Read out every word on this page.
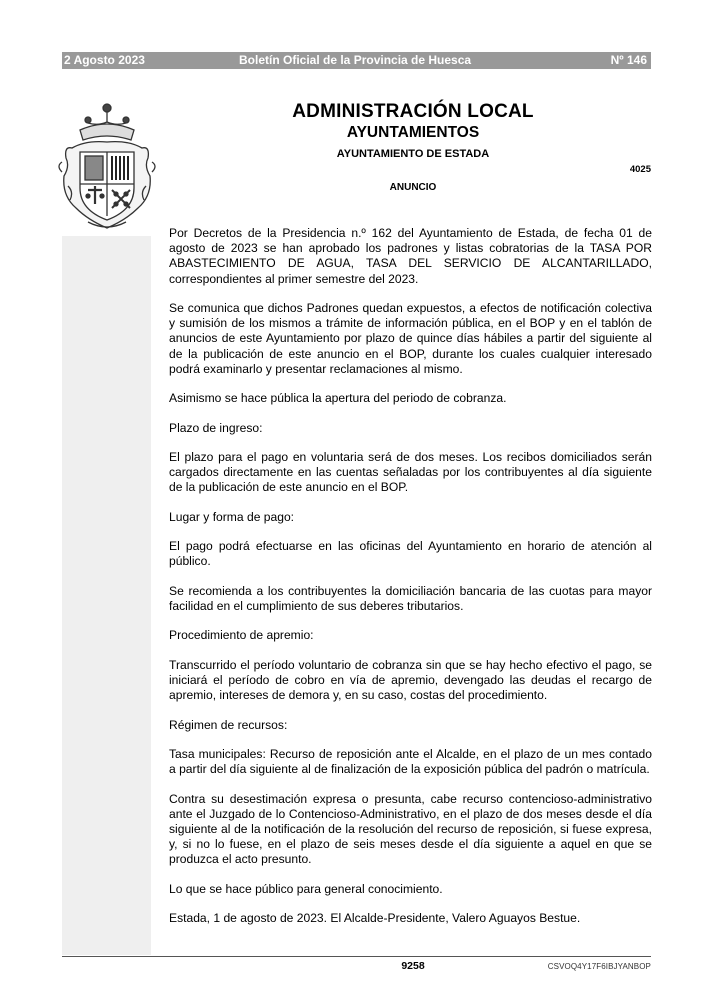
2 Agosto 2023	Boletín Oficial de la Provincia de Huesca	Nº 146
ADMINISTRACIÓN LOCAL
AYUNTAMIENTOS
AYUNTAMIENTO DE ESTADA
4025
ANUNCIO

Por Decretos de la Presidencia n.º 162 del Ayuntamiento de Estada, de fecha 01 de agosto de 2023 se han aprobado los padrones y listas cobratorias de la TASA POR ABASTECIMIENTO DE AGUA, TASA DEL SERVICIO DE ALCANTARILLADO, correspondientes al primer semestre del 2023.

Se comunica que dichos Padrones quedan expuestos, a efectos de notificación colectiva y sumisión de los mismos a trámite de información pública, en el BOP y en el tablón de anuncios de este Ayuntamiento por plazo de quince días hábiles a partir del siguiente al de la publicación de este anuncio en el BOP, durante los cuales cualquier interesado podrá examinarlo y presentar reclamaciones al mismo.

Asimismo se hace pública la apertura del periodo de cobranza.

Plazo de ingreso:

El plazo para el pago en voluntaria será de dos meses. Los recibos domiciliados serán cargados directamente en las cuentas señaladas por los contribuyentes al día siguiente de la publicación de este anuncio en el BOP.

Lugar y forma de pago:

El pago podrá efectuarse en las oficinas del Ayuntamiento en horario de atención al público.

Se recomienda a los contribuyentes la domiciliación bancaria de las cuotas para mayor facilidad en el cumplimiento de sus deberes tributarios.

Procedimiento de apremio:

Transcurrido el período voluntario de cobranza sin que se hay hecho efectivo el pago, se iniciará el período de cobro en vía de apremio, devengado las deudas el recargo de apremio, intereses de demora y, en su caso, costas del procedimiento.

Régimen de recursos:

Tasa municipales: Recurso de reposición ante el Alcalde, en el plazo de un mes contado a partir del día siguiente al de finalización de la exposición pública del padrón o matrícula.

Contra su desestimación expresa o presunta, cabe recurso contencioso-administrativo ante el Juzgado de lo Contencioso-Administrativo, en el plazo de dos meses desde el día siguiente al de la notificación de la resolución del recurso de reposición, si fuese expresa, y, si no lo fuese, en el plazo de seis meses desde el día siguiente a aquel en que se produzca el acto presunto.

Lo que se hace público para general conocimiento.

Estada, 1 de agosto de 2023. El Alcalde-Presidente, Valero Aguayos Bestue.

9258	CSVOQ4Y17F6IBJYANBOP
